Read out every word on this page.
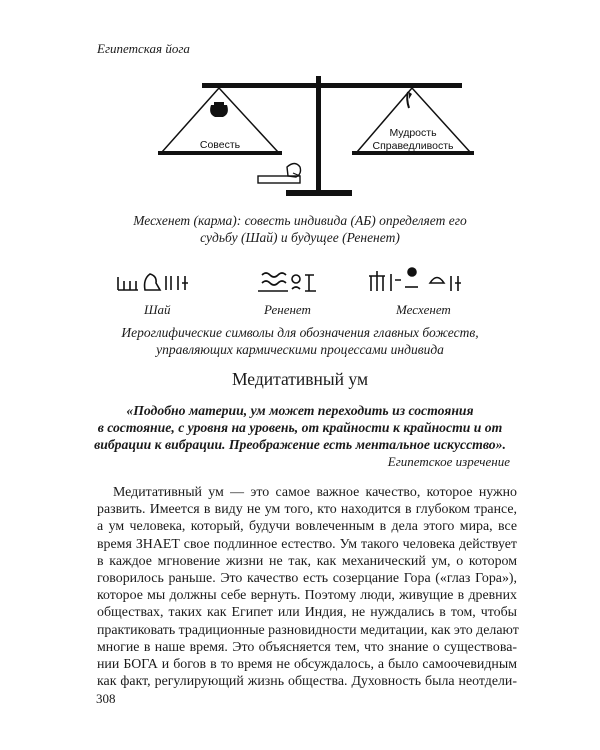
Египетская йога
Совесть
Мудрость
Справедливость
Месхенет (карма): совесть индивида (АБ) определяет его
судьбу (Шай) и будущее (Рененет)
Шай	Рененет	Месхенет
Иероглифические символы для обозначения главных божеств,
управляющих кармическими процессами индивида
Медитативный ум
«Подобно материи, ум может переходить из состояния
в состояние, с уровня на уровень, от крайности к крайности и от
вибрации к вибрации. Преображение есть ментальное искусство».
Египетское изречение
Медитативный ум — это самое важное качество, которое нужно
развить. Имеется в виду не ум того, кто находится в глубоком трансе,
а ум человека, который, будучи вовлеченным в дела этого мира, все
время ЗНАЕТ свое подлинное естество. Ум такого человека действует
в каждое мгновение жизни не так, как механический ум, о котором
говорилось раньше. Это качество есть созерцание Гора («глаз Гора»),
которое мы должны себе вернуть. Поэтому люди, живущие в древних
обществах, таких как Египет или Индия, не нуждались в том, чтобы
практиковать традиционные разновидности медитации, как это делают
многие в наше время. Это объясняется тем, что знание о существова-
нии БОГА и богов в то время не обсуждалось, а было самоочевидным
как факт, регулирующий жизнь общества. Духовность была неотдели-
308
